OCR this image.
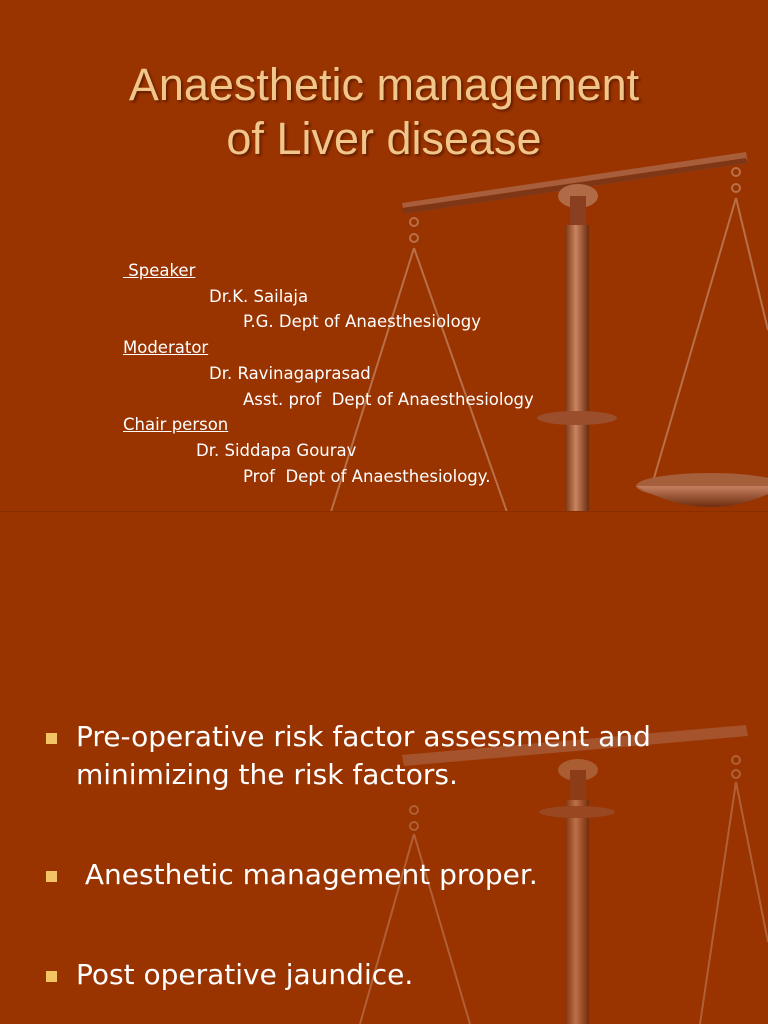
Anaesthetic management
of Liver disease
Speaker
Dr.K. Sailaja
P.G. Dept of Anaesthesiology
Moderator
Dr. Ravinagaprasad
Asst. prof  Dept of Anaesthesiology
Chair person
Dr. Siddapa Gourav
Prof  Dept of Anaesthesiology.
Pre-operative risk factor assessment and minimizing the risk factors.
Anesthetic management proper.
Post operative jaundice.
